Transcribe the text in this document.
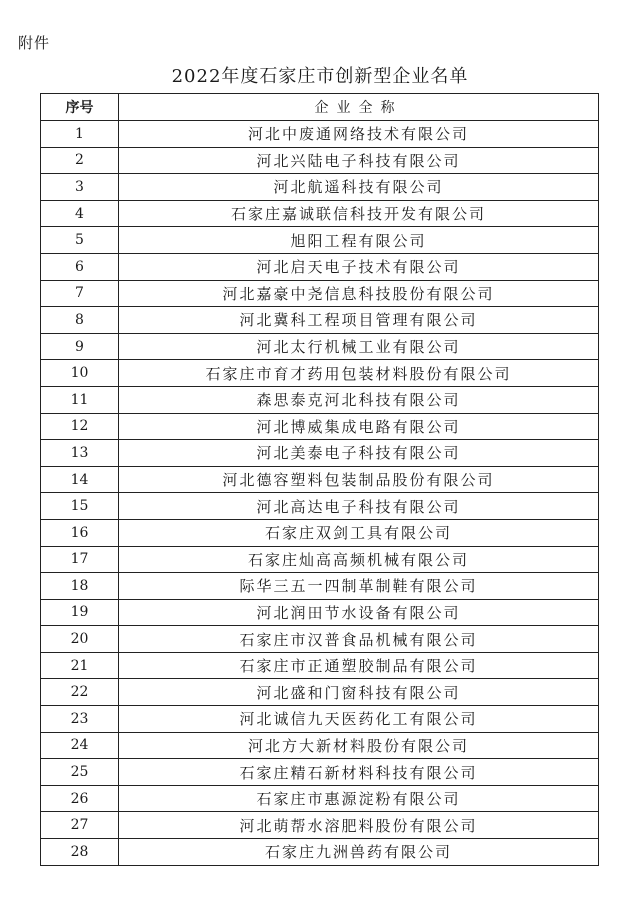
附件
2022年度石家庄市创新型企业名单
序号	企业全称
1	河北中废通网络技术有限公司
2	河北兴陆电子科技有限公司
3	河北航遥科技有限公司
4	石家庄嘉诚联信科技开发有限公司
5	旭阳工程有限公司
6	河北启天电子技术有限公司
7	河北嘉豪中尧信息科技股份有限公司
8	河北冀科工程项目管理有限公司
9	河北太行机械工业有限公司
10	石家庄市育才药用包装材料股份有限公司
11	森思泰克河北科技有限公司
12	河北博威集成电路有限公司
13	河北美泰电子科技有限公司
14	河北德容塑料包装制品股份有限公司
15	河北高达电子科技有限公司
16	石家庄双剑工具有限公司
17	石家庄灿高高频机械有限公司
18	际华三五一四制革制鞋有限公司
19	河北润田节水设备有限公司
20	石家庄市汉普食品机械有限公司
21	石家庄市正通塑胶制品有限公司
22	河北盛和门窗科技有限公司
23	河北诚信九天医药化工有限公司
24	河北方大新材料股份有限公司
25	石家庄精石新材料科技有限公司
26	石家庄市惠源淀粉有限公司
27	河北萌帮水溶肥料股份有限公司
28	石家庄九洲兽药有限公司
